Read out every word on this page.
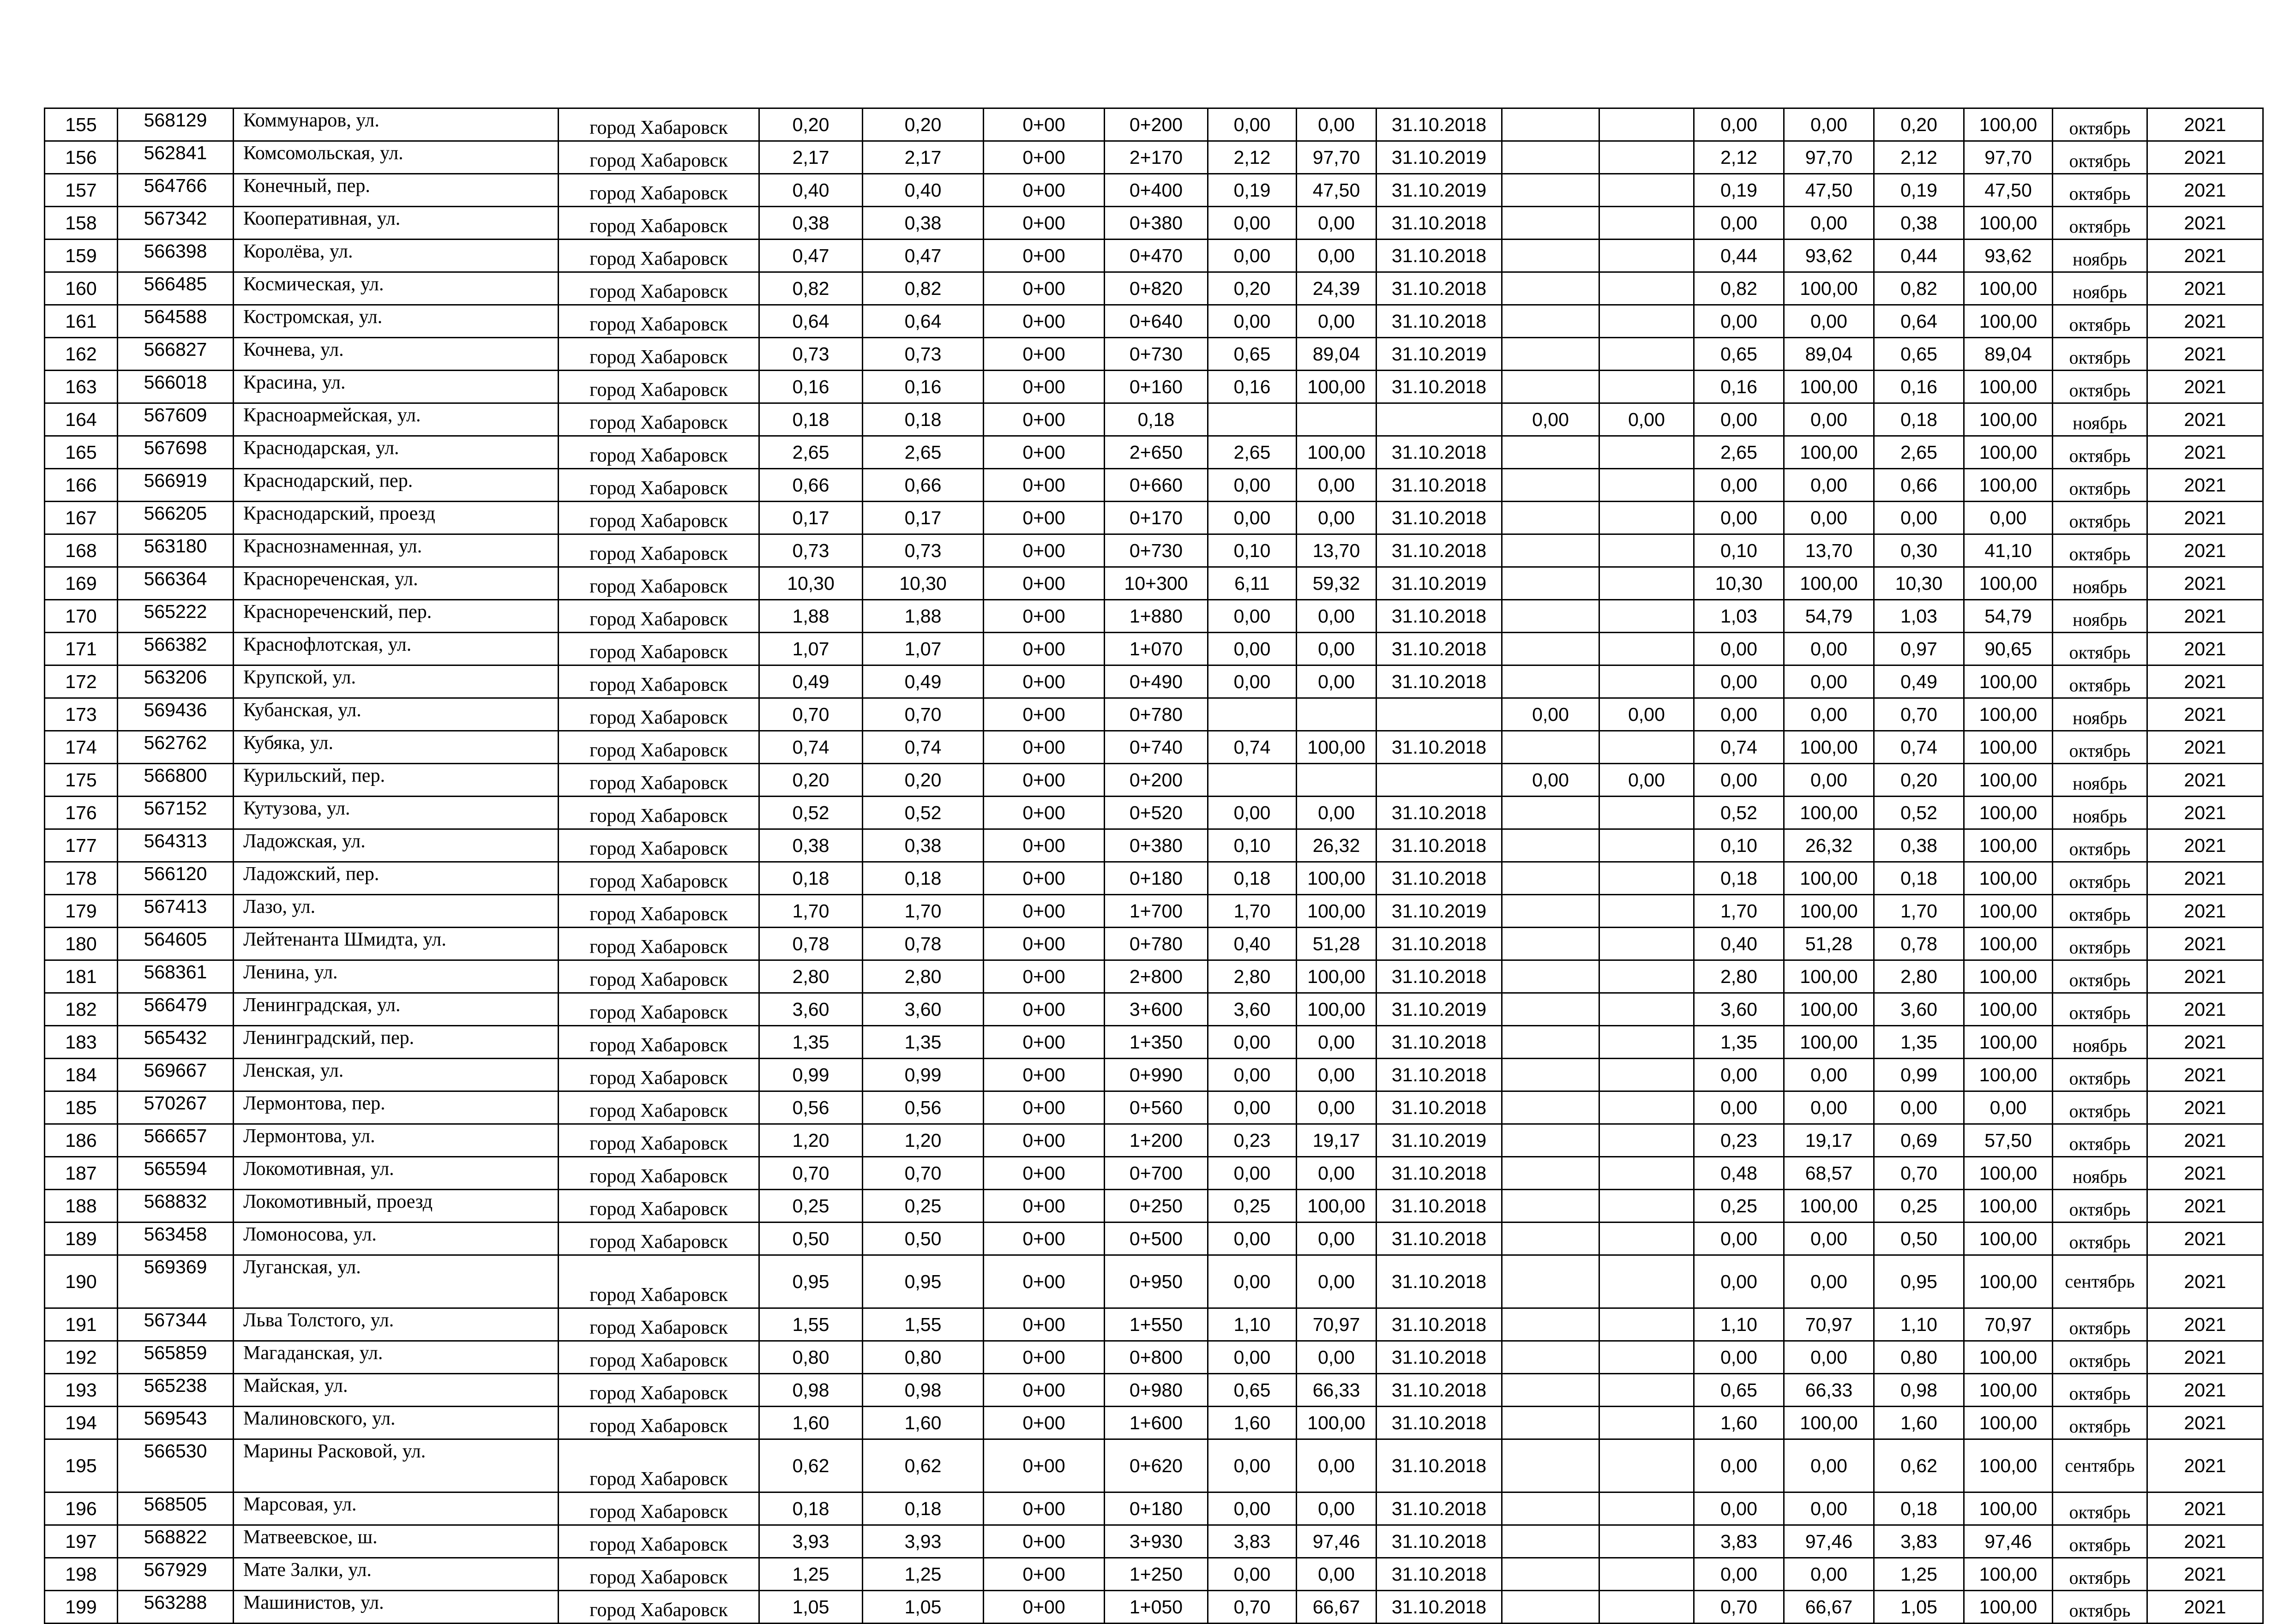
155	568129	Коммунаров, ул.	город Хабаровск	0,20	0,20	0+00	0+200	0,00	0,00	31.10.2018			0,00	0,00	0,20	100,00	октябрь	2021
156	562841	Комсомольская, ул.	город Хабаровск	2,17	2,17	0+00	2+170	2,12	97,70	31.10.2019			2,12	97,70	2,12	97,70	октябрь	2021
157	564766	Конечный, пер.	город Хабаровск	0,40	0,40	0+00	0+400	0,19	47,50	31.10.2019			0,19	47,50	0,19	47,50	октябрь	2021
158	567342	Кооперативная, ул.	город Хабаровск	0,38	0,38	0+00	0+380	0,00	0,00	31.10.2018			0,00	0,00	0,38	100,00	октябрь	2021
159	566398	Королёва, ул.	город Хабаровск	0,47	0,47	0+00	0+470	0,00	0,00	31.10.2018			0,44	93,62	0,44	93,62	ноябрь	2021
160	566485	Космическая, ул.	город Хабаровск	0,82	0,82	0+00	0+820	0,20	24,39	31.10.2018			0,82	100,00	0,82	100,00	ноябрь	2021
161	564588	Костромская, ул.	город Хабаровск	0,64	0,64	0+00	0+640	0,00	0,00	31.10.2018			0,00	0,00	0,64	100,00	октябрь	2021
162	566827	Кочнева, ул.	город Хабаровск	0,73	0,73	0+00	0+730	0,65	89,04	31.10.2019			0,65	89,04	0,65	89,04	октябрь	2021
163	566018	Красина, ул.	город Хабаровск	0,16	0,16	0+00	0+160	0,16	100,00	31.10.2018			0,16	100,00	0,16	100,00	октябрь	2021
164	567609	Красноармейская, ул.	город Хабаровск	0,18	0,18	0+00	0,18				0,00	0,00	0,00	0,00	0,18	100,00	ноябрь	2021
165	567698	Краснодарская, ул.	город Хабаровск	2,65	2,65	0+00	2+650	2,65	100,00	31.10.2018			2,65	100,00	2,65	100,00	октябрь	2021
166	566919	Краснодарский, пер.	город Хабаровск	0,66	0,66	0+00	0+660	0,00	0,00	31.10.2018			0,00	0,00	0,66	100,00	октябрь	2021
167	566205	Краснодарский, проезд	город Хабаровск	0,17	0,17	0+00	0+170	0,00	0,00	31.10.2018			0,00	0,00	0,00	0,00	октябрь	2021
168	563180	Краснознаменная, ул.	город Хабаровск	0,73	0,73	0+00	0+730	0,10	13,70	31.10.2018			0,10	13,70	0,30	41,10	октябрь	2021
169	566364	Краснореченская, ул.	город Хабаровск	10,30	10,30	0+00	10+300	6,11	59,32	31.10.2019			10,30	100,00	10,30	100,00	ноябрь	2021
170	565222	Краснореченский, пер.	город Хабаровск	1,88	1,88	0+00	1+880	0,00	0,00	31.10.2018			1,03	54,79	1,03	54,79	ноябрь	2021
171	566382	Краснофлотская, ул.	город Хабаровск	1,07	1,07	0+00	1+070	0,00	0,00	31.10.2018			0,00	0,00	0,97	90,65	октябрь	2021
172	563206	Крупской, ул.	город Хабаровск	0,49	0,49	0+00	0+490	0,00	0,00	31.10.2018			0,00	0,00	0,49	100,00	октябрь	2021
173	569436	Кубанская, ул.	город Хабаровск	0,70	0,70	0+00	0+780				0,00	0,00	0,00	0,00	0,70	100,00	ноябрь	2021
174	562762	Кубяка, ул.	город Хабаровск	0,74	0,74	0+00	0+740	0,74	100,00	31.10.2018			0,74	100,00	0,74	100,00	октябрь	2021
175	566800	Курильский, пер.	город Хабаровск	0,20	0,20	0+00	0+200				0,00	0,00	0,00	0,00	0,20	100,00	ноябрь	2021
176	567152	Кутузова, ул.	город Хабаровск	0,52	0,52	0+00	0+520	0,00	0,00	31.10.2018			0,52	100,00	0,52	100,00	ноябрь	2021
177	564313	Ладожская, ул.	город Хабаровск	0,38	0,38	0+00	0+380	0,10	26,32	31.10.2018			0,10	26,32	0,38	100,00	октябрь	2021
178	566120	Ладожский, пер.	город Хабаровск	0,18	0,18	0+00	0+180	0,18	100,00	31.10.2018			0,18	100,00	0,18	100,00	октябрь	2021
179	567413	Лазо, ул.	город Хабаровск	1,70	1,70	0+00	1+700	1,70	100,00	31.10.2019			1,70	100,00	1,70	100,00	октябрь	2021
180	564605	Лейтенанта Шмидта, ул.	город Хабаровск	0,78	0,78	0+00	0+780	0,40	51,28	31.10.2018			0,40	51,28	0,78	100,00	октябрь	2021
181	568361	Ленина, ул.	город Хабаровск	2,80	2,80	0+00	2+800	2,80	100,00	31.10.2018			2,80	100,00	2,80	100,00	октябрь	2021
182	566479	Ленинградская, ул.	город Хабаровск	3,60	3,60	0+00	3+600	3,60	100,00	31.10.2019			3,60	100,00	3,60	100,00	октябрь	2021
183	565432	Ленинградский, пер.	город Хабаровск	1,35	1,35	0+00	1+350	0,00	0,00	31.10.2018			1,35	100,00	1,35	100,00	ноябрь	2021
184	569667	Ленская, ул.	город Хабаровск	0,99	0,99	0+00	0+990	0,00	0,00	31.10.2018			0,00	0,00	0,99	100,00	октябрь	2021
185	570267	Лермонтова, пер.	город Хабаровск	0,56	0,56	0+00	0+560	0,00	0,00	31.10.2018			0,00	0,00	0,00	0,00	октябрь	2021
186	566657	Лермонтова, ул.	город Хабаровск	1,20	1,20	0+00	1+200	0,23	19,17	31.10.2019			0,23	19,17	0,69	57,50	октябрь	2021
187	565594	Локомотивная, ул.	город Хабаровск	0,70	0,70	0+00	0+700	0,00	0,00	31.10.2018			0,48	68,57	0,70	100,00	ноябрь	2021
188	568832	Локомотивный, проезд	город Хабаровск	0,25	0,25	0+00	0+250	0,25	100,00	31.10.2018			0,25	100,00	0,25	100,00	октябрь	2021
189	563458	Ломоносова, ул.	город Хабаровск	0,50	0,50	0+00	0+500	0,00	0,00	31.10.2018			0,00	0,00	0,50	100,00	октябрь	2021
190	569369	Луганская, ул.	город Хабаровск	0,95	0,95	0+00	0+950	0,00	0,00	31.10.2018			0,00	0,00	0,95	100,00	сентябрь	2021
191	567344	Льва Толстого, ул.	город Хабаровск	1,55	1,55	0+00	1+550	1,10	70,97	31.10.2018			1,10	70,97	1,10	70,97	октябрь	2021
192	565859	Магаданская, ул.	город Хабаровск	0,80	0,80	0+00	0+800	0,00	0,00	31.10.2018			0,00	0,00	0,80	100,00	октябрь	2021
193	565238	Майская, ул.	город Хабаровск	0,98	0,98	0+00	0+980	0,65	66,33	31.10.2018			0,65	66,33	0,98	100,00	октябрь	2021
194	569543	Малиновского, ул.	город Хабаровск	1,60	1,60	0+00	1+600	1,60	100,00	31.10.2018			1,60	100,00	1,60	100,00	октябрь	2021
195	566530	Марины Расковой, ул.	город Хабаровск	0,62	0,62	0+00	0+620	0,00	0,00	31.10.2018			0,00	0,00	0,62	100,00	сентябрь	2021
196	568505	Марсовая, ул.	город Хабаровск	0,18	0,18	0+00	0+180	0,00	0,00	31.10.2018			0,00	0,00	0,18	100,00	октябрь	2021
197	568822	Матвеевское, ш.	город Хабаровск	3,93	3,93	0+00	3+930	3,83	97,46	31.10.2018			3,83	97,46	3,83	97,46	октябрь	2021
198	567929	Мате Залки, ул.	город Хабаровск	1,25	1,25	0+00	1+250	0,00	0,00	31.10.2018			0,00	0,00	1,25	100,00	октябрь	2021
199	563288	Машинистов, ул.	город Хабаровск	1,05	1,05	0+00	1+050	0,70	66,67	31.10.2018			0,70	66,67	1,05	100,00	октябрь	2021
